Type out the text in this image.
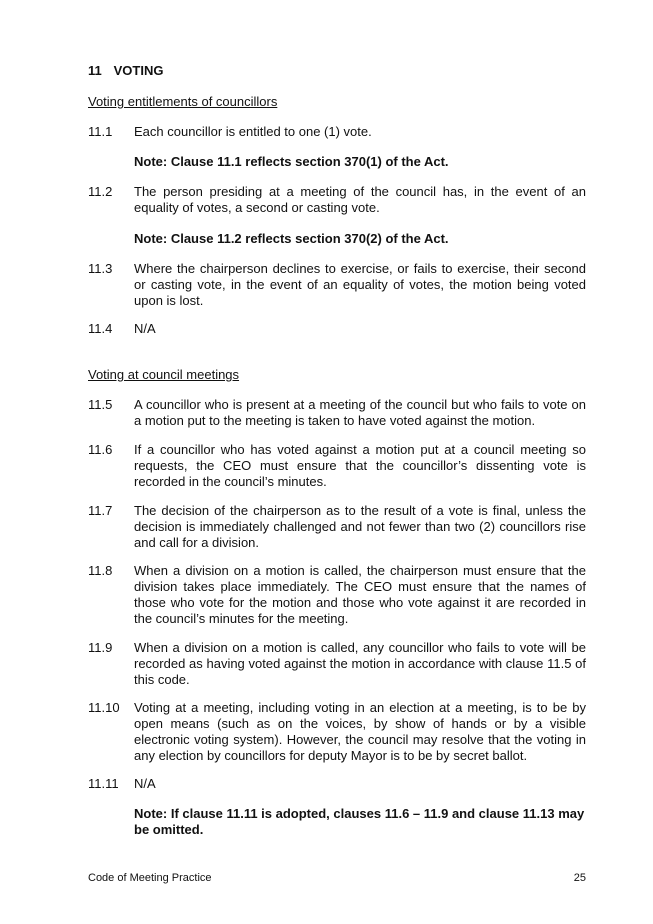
11 VOTING
Voting entitlements of councillors
11.1 Each councillor is entitled to one (1) vote.
Note: Clause 11.1 reflects section 370(1) of the Act.
11.2 The person presiding at a meeting of the council has, in the event of an equality of votes, a second or casting vote.
Note: Clause 11.2 reflects section 370(2) of the Act.
11.3 Where the chairperson declines to exercise, or fails to exercise, their second or casting vote, in the event of an equality of votes, the motion being voted upon is lost.
11.4 N/A
Voting at council meetings
11.5 A councillor who is present at a meeting of the council but who fails to vote on a motion put to the meeting is taken to have voted against the motion.
11.6 If a councillor who has voted against a motion put at a council meeting so requests, the CEO must ensure that the councillor’s dissenting vote is recorded in the council’s minutes.
11.7 The decision of the chairperson as to the result of a vote is final, unless the decision is immediately challenged and not fewer than two (2) councillors rise and call for a division.
11.8 When a division on a motion is called, the chairperson must ensure that the division takes place immediately. The CEO must ensure that the names of those who vote for the motion and those who vote against it are recorded in the council’s minutes for the meeting.
11.9 When a division on a motion is called, any councillor who fails to vote will be recorded as having voted against the motion in accordance with clause 11.5 of this code.
11.10 Voting at a meeting, including voting in an election at a meeting, is to be by open means (such as on the voices, by show of hands or by a visible electronic voting system). However, the council may resolve that the voting in any election by councillors for deputy Mayor is to be by secret ballot.
11.11 N/A
Note: If clause 11.11 is adopted, clauses 11.6 – 11.9 and clause 11.13 may be omitted.
Code of Meeting Practice	25
